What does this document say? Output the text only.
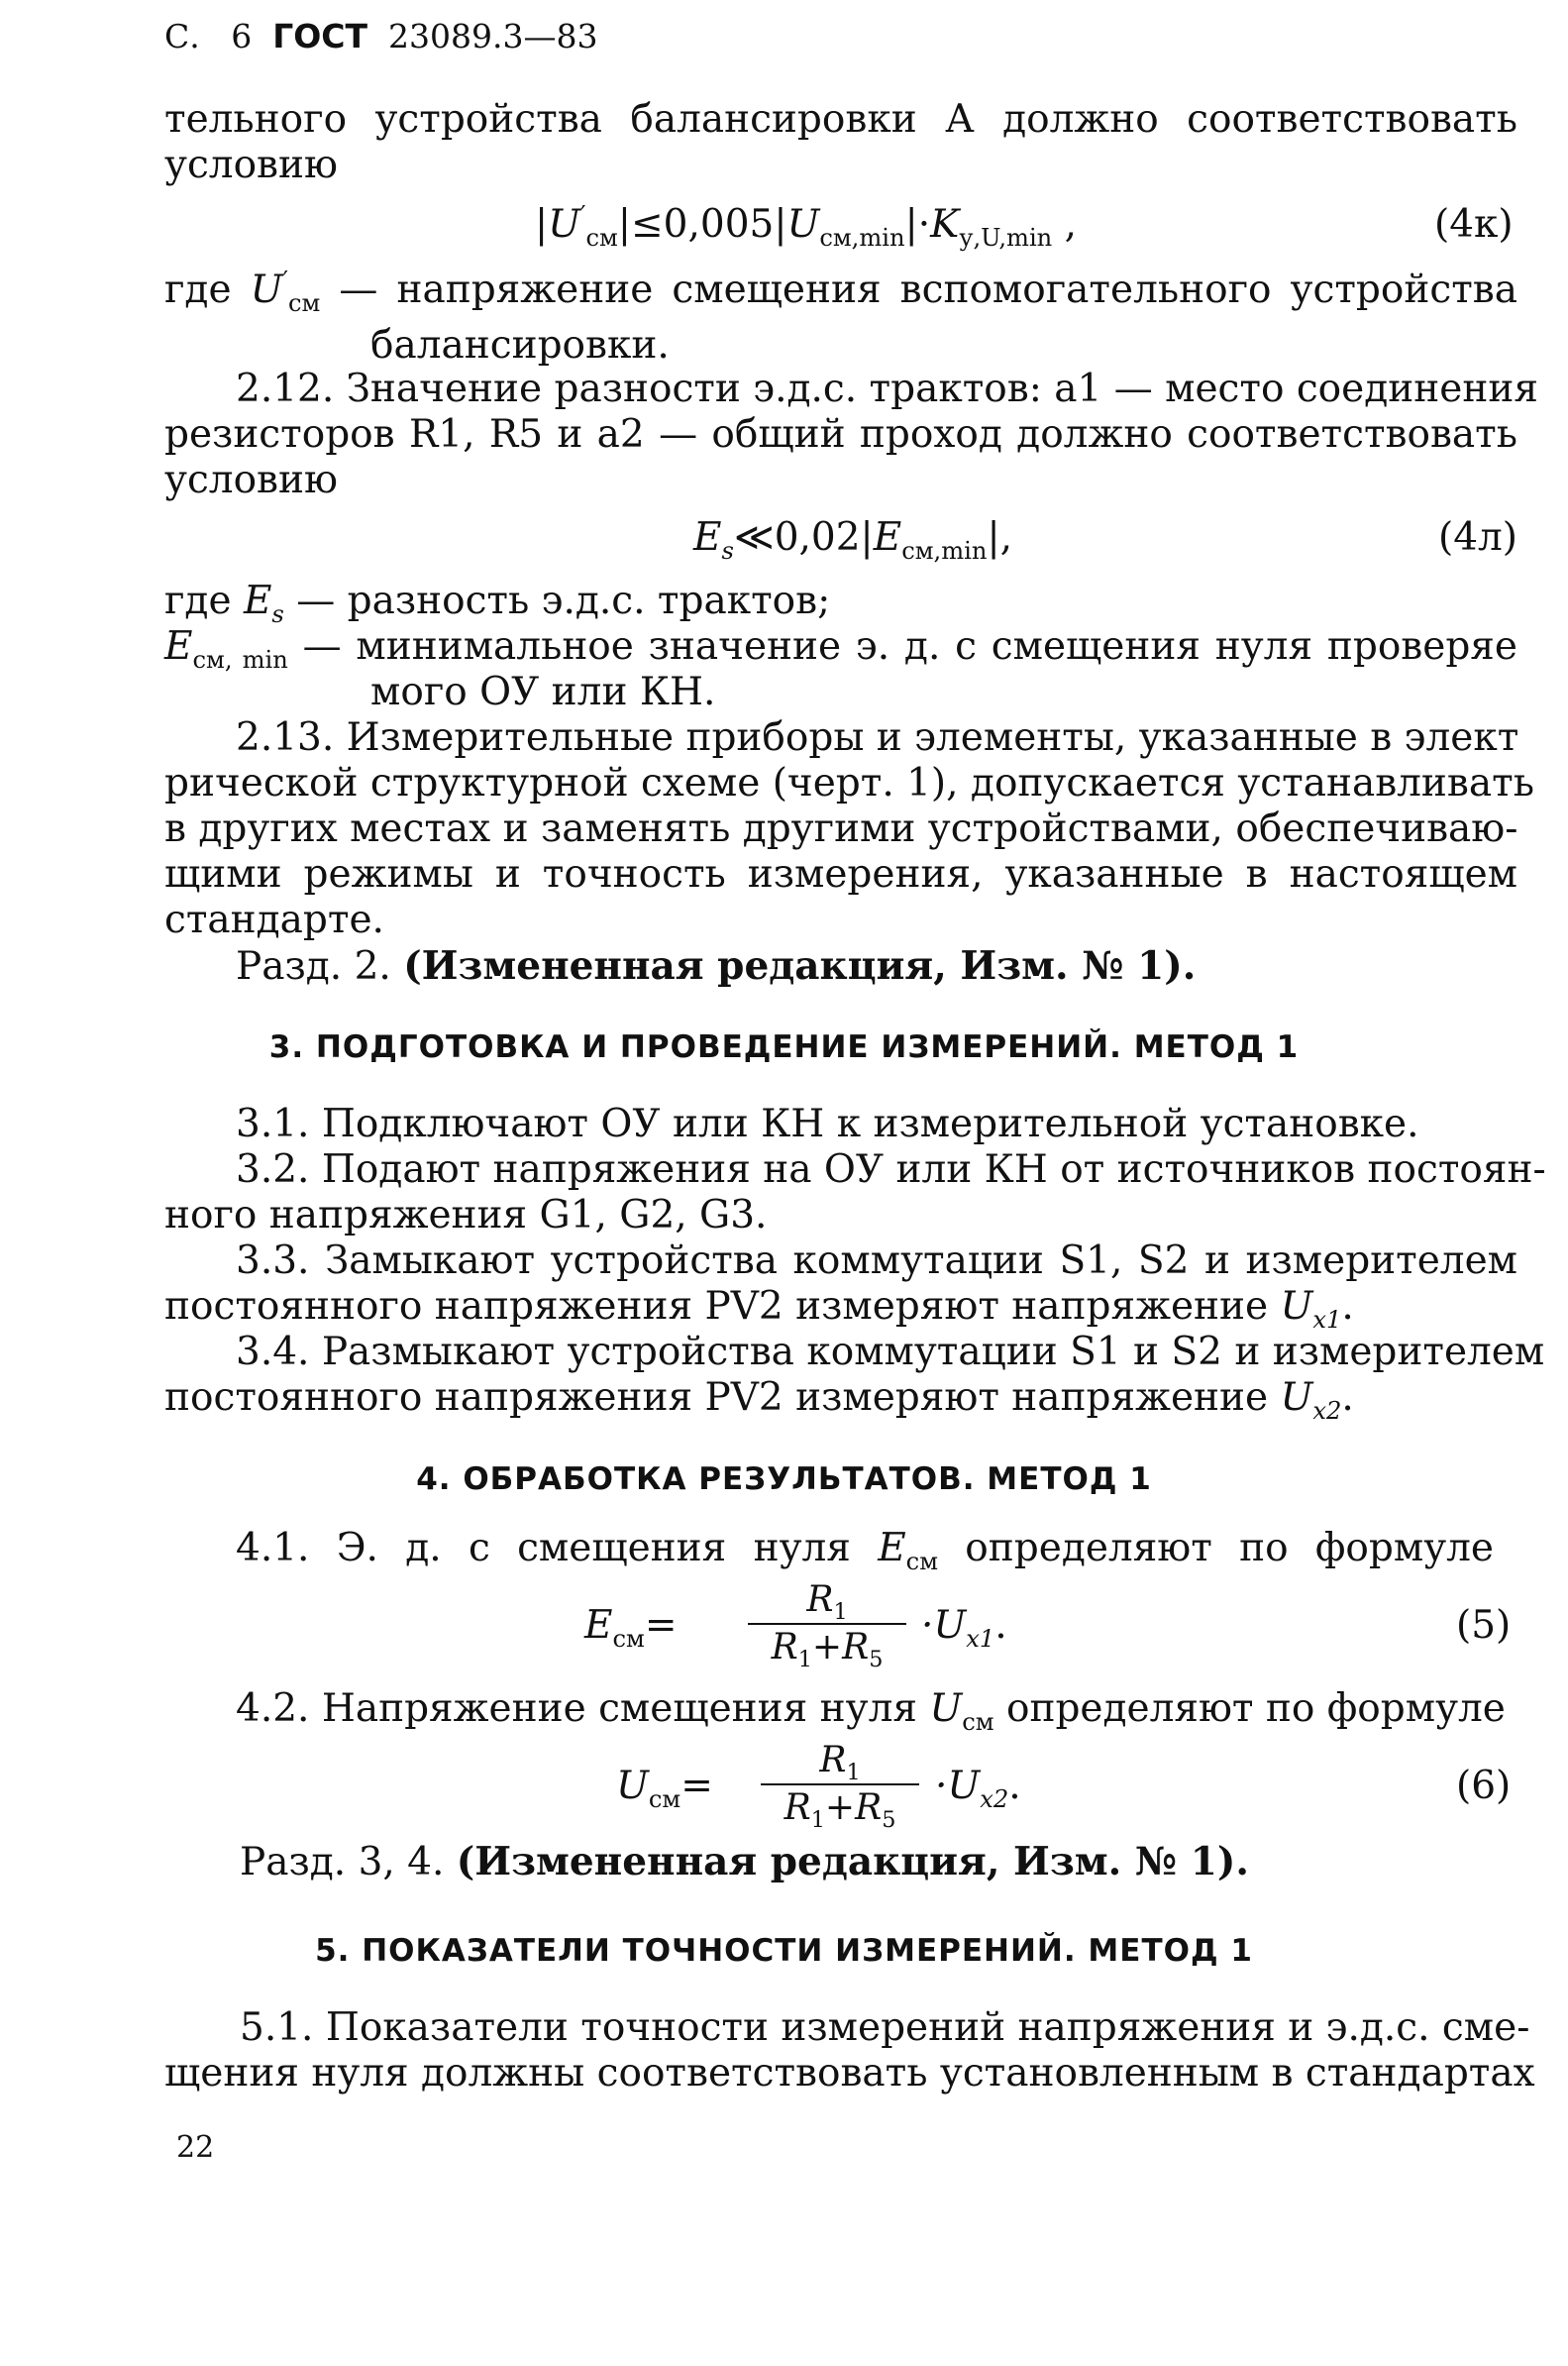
С. 6 ГОСТ 23089.3—83
тельного устройства балансировки А должно соответствовать
условию
$|U'_{см}|\le 0,005|U_{см,min}|\cdot K_{у,U,min}$ ,	(4к)
где $U'_{см}$ — напряжение смещения вспомогательного устройства
балансировки.
2.12. Значение разности э.д.с. трактов: a1 — место соединения
резисторов R1, R5 и a2 — общий проход должно соответствовать
условию
$E_s≪0,02|E_{см,min}|$,	(4л)
где $E_s$ — разность э.д.с. трактов;
$E_{см, min}$ — минимальное значение э. д. с смещения нуля проверяе
мого ОУ или КН.
2.13. Измерительные приборы и элементы, указанные в элект
рической структурной схеме (черт. 1), допускается устанавливать
в других местах и заменять другими устройствами, обеспечиваю-
щими режимы и точность измерения, указанные в настоящем
стандарте.
Разд. 2. (Измененная редакция, Изм. № 1).
3. ПОДГОТОВКА И ПРОВЕДЕНИЕ ИЗМЕРЕНИЙ. МЕТОД 1
3.1. Подключают ОУ или КН к измерительной установке.
3.2. Подают напряжения на ОУ или КН от источников постоян-
ного напряжения G1, G2, G3.
3.3. Замыкают устройства коммутации S1, S2 и измерителем
постоянного напряжения PV2 измеряют напряжение $U_{x1}$.
3.4. Размыкают устройства коммутации S1 и S2 и измерителем
постоянного напряжения PV2 измеряют напряжение $U_{x2}$.
4. ОБРАБОТКА РЕЗУЛЬТАТОВ. МЕТОД 1
4.1. Э. д. с смещения нуля $E_{см}$ определяют по формуле
$E_{см}= \frac{R_1}{R_1+R_5} \cdot U_{x1}$.	(5)
4.2. Напряжение смещения нуля $U_{см}$ определяют по формуле
$U_{см}= \frac{R_1}{R_1+R_5} \cdot U_{x2}$.	(6)
Разд. 3, 4. (Измененная редакция, Изм. № 1).
5. ПОКАЗАТЕЛИ ТОЧНОСТИ ИЗМЕРЕНИЙ. МЕТОД 1
5.1. Показатели точности измерений напряжения и э.д.с. сме-
щения нуля должны соответствовать установленным в стандартах
22
